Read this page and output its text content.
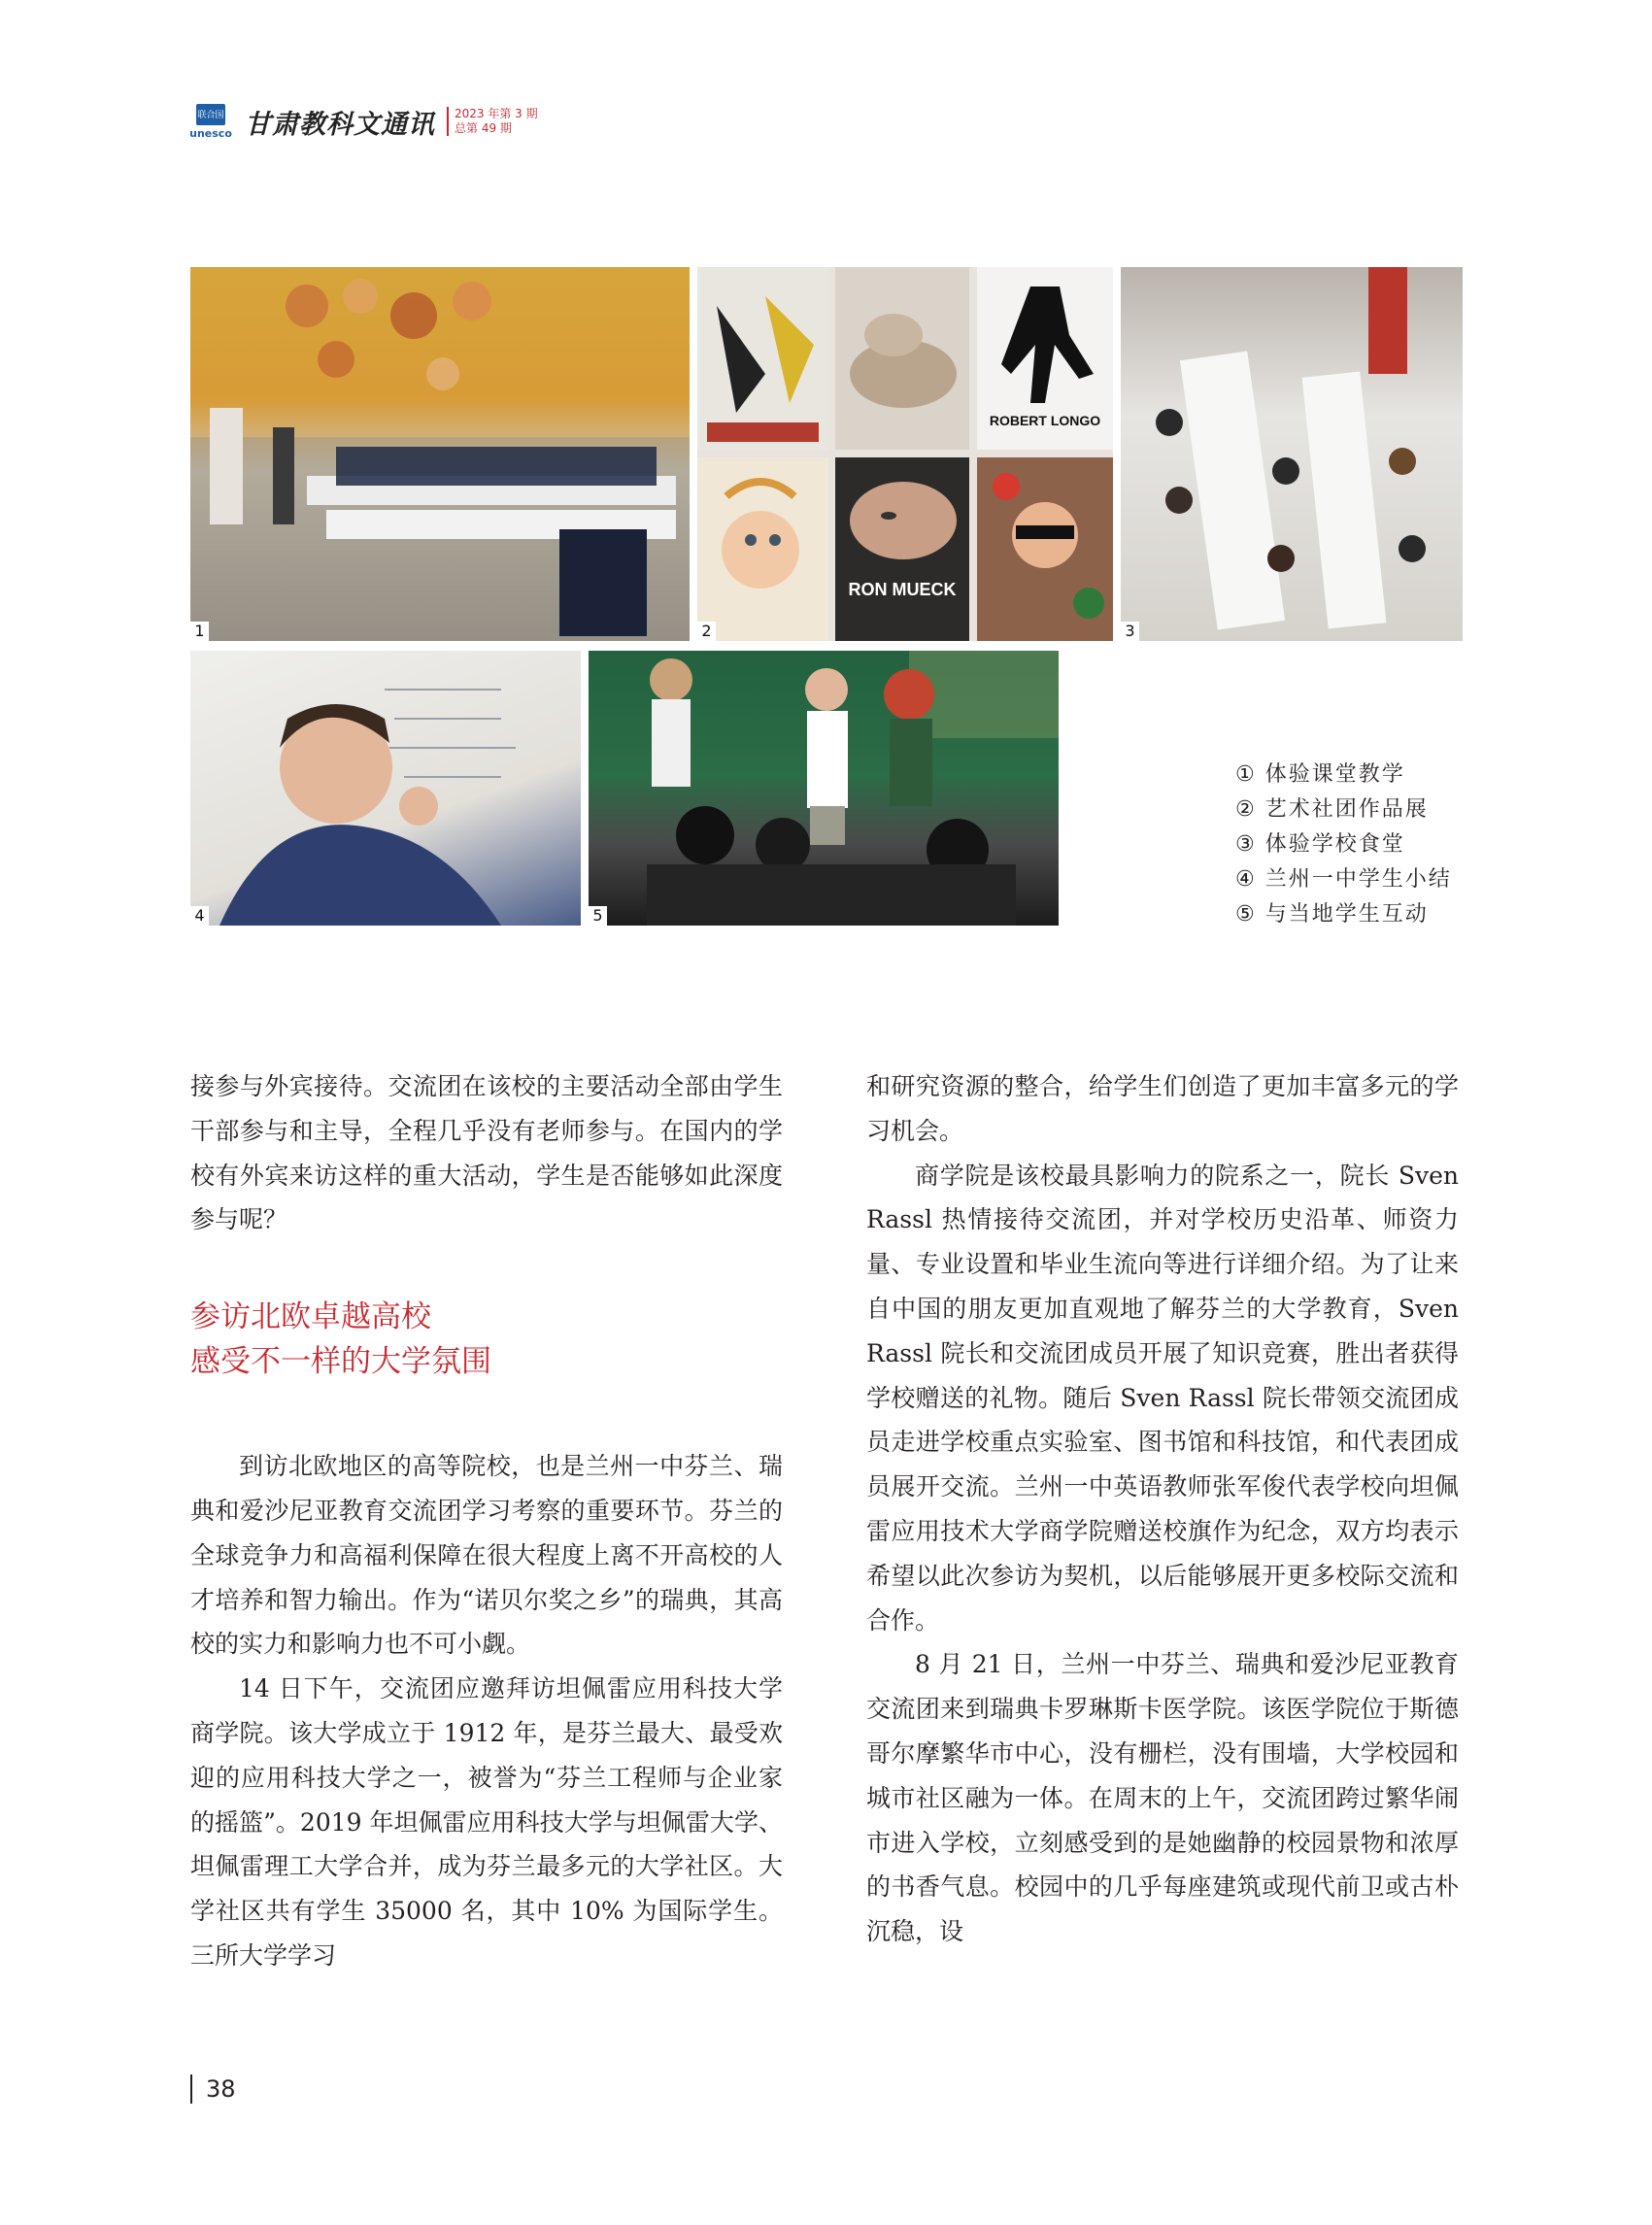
联合国
unesco 甘肃教科文通讯 2023 年第 3 期
总第 49 期
1
ROBERT LONGO
RON MUECK
2	3
4	5
① 体验课堂教学
② 艺术社团作品展
③ 体验学校食堂
④ 兰州一中学生小结
⑤ 与当地学生互动

接参与外宾接待。交流团在该校的主要活动全部由学生干部参与和主导，全程几乎没有老师参与。在国内的学校有外宾来访这样的重大活动，学生是否能够如此深度参与呢？

参访北欧卓越高校
感受不一样的大学氛围

到访北欧地区的高等院校，也是兰州一中芬兰、瑞典和爱沙尼亚教育交流团学习考察的重要环节。芬兰的全球竞争力和高福利保障在很大程度上离不开高校的人才培养和智力输出。作为“诺贝尔奖之乡”的瑞典，其高校的实力和影响力也不可小觑。

14 日下午，交流团应邀拜访坦佩雷应用科技大学商学院。该大学成立于 1912 年，是芬兰最大、最受欢迎的应用科技大学之一，被誉为“芬兰工程师与企业家的摇篮”。2019 年坦佩雷应用科技大学与坦佩雷大学、坦佩雷理工大学合并，成为芬兰最多元的大学社区。大学社区共有学生 35000 名，其中 10% 为国际学生。三所大学学习

和研究资源的整合，给学生们创造了更加丰富多元的学习机会。

商学院是该校最具影响力的院系之一，院长 Sven Rassl 热情接待交流团，并对学校历史沿革、师资力量、专业设置和毕业生流向等进行详细介绍。为了让来自中国的朋友更加直观地了解芬兰的大学教育，Sven Rassl 院长和交流团成员开展了知识竞赛，胜出者获得学校赠送的礼物。随后 Sven Rassl 院长带领交流团成员走进学校重点实验室、图书馆和科技馆，和代表团成员展开交流。兰州一中英语教师张军俊代表学校向坦佩雷应用技术大学商学院赠送校旗作为纪念，双方均表示希望以此次参访为契机，以后能够展开更多校际交流和合作。

8 月 21 日，兰州一中芬兰、瑞典和爱沙尼亚教育交流团来到瑞典卡罗琳斯卡医学院。该医学院位于斯德哥尔摩繁华市中心，没有栅栏，没有围墙，大学校园和城市社区融为一体。在周末的上午，交流团跨过繁华闹市进入学校，立刻感受到的是她幽静的校园景物和浓厚的书香气息。校园中的几乎每座建筑或现代前卫或古朴沉稳，设

38
